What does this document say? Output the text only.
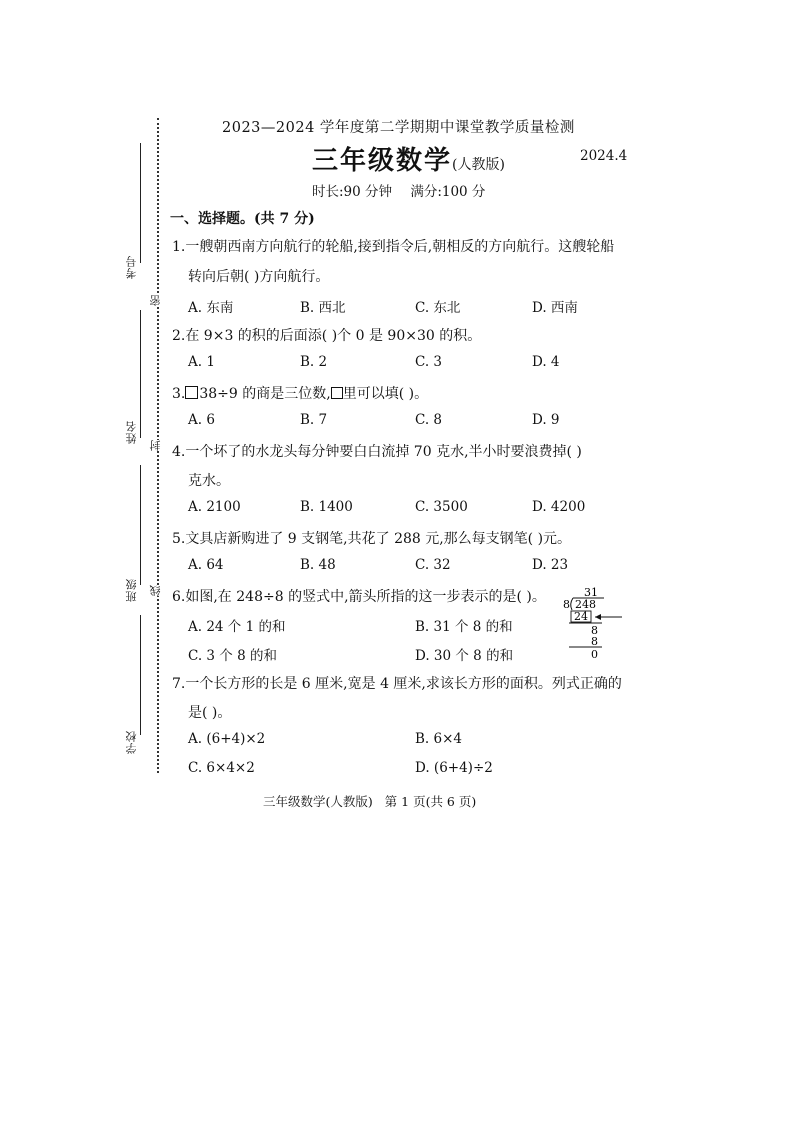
考号
姓名
班级
学校
密
封
线
2023—2024 学年度第二学期期中课堂教学质量检测
三年级数学(人教版)
2024.4
时长:90 分钟 满分:100 分
一、选择题。(共 7 分)
1.一艘朝西南方向航行的轮船,接到指令后,朝相反的方向航行。这艘轮船
转向后朝( )方向航行。
A. 东南	B. 西北	C. 东北	D. 西南
2.在 9×3 的积的后面添( )个 0 是 90×30 的积。
A. 1	B. 2	C. 3	D. 4
3. 38÷9 的商是三位数, 里可以填( )。
A. 6	B. 7	C. 8	D. 9
4.一个坏了的水龙头每分钟要白白流掉 70 克水,半小时要浪费掉( )
克水。
A. 2100	B. 1400	C. 3500	D. 4200
5.文具店新购进了 9 支钢笔,共花了 288 元,那么每支钢笔( )元。
A. 64	B. 48	C. 32	D. 23
6.如图,在 248÷8 的竖式中,箭头所指的这一步表示的是( )。
A. 24 个 1 的和	B. 31 个 8 的和
C. 3 个 8 的和	D. 30 个 8 的和
31
8 248
24
8
8
0
7.一个长方形的长是 6 厘米,宽是 4 厘米,求该长方形的面积。列式正确的
是( )。
A. (6+4)×2	B. 6×4
C. 6×4×2	D. (6+4)÷2
三年级数学(人教版)   第 1 页(共 6 页)
